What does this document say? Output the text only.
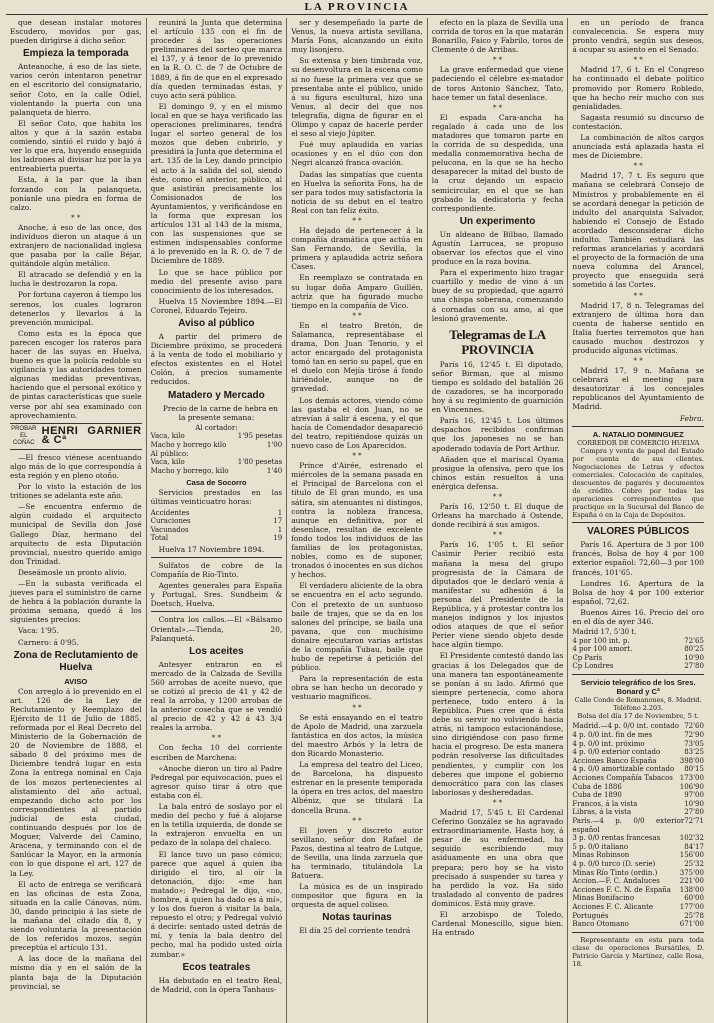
LA PROVINCIA

que desean instalar motores Escudero, movidos por gas, pueden dirigirse á dicho señor.

Empieza la temporada

Anteanoche, á eso de las siete, varios cerón intentaron penetrar en el escritorio del consignatario, señor Coto, en la calle Odiel, violentando la puerta con una palanqueta de hierro.

El señor Coto, que habita los altos y que á la sazón estaba comiendo, sintió el ruido y bajó á ver lo que era, huyendo enseguida los ladrones al divisar luz por la ya entreabierta puerta.

Esta, á la par que la iban forzando con la palanqueta, poníanle una piedra en forma de calzo.

* *

Anoche, á eso de las once, dos individuos dieron un ataque á un extranjero de nacionalidad inglesa que pasaba por la calle Béjar, quitándole algún metálico.

El atracado se defendió y en la lucha le destrozaron la ropa.

Por fortuna cayeron á tiempo los serenos, los cuales lograron detenerlos y llevarlos á la prevención municipal.

Como esta es la época que parecen escoger los rateros para hacer de las suyas en Huelva, bueno es que la policía redoble su vigilancia y las autoridades tomen algunas medidas preventivas, haciendo que el personal exótico y de pintas características que suele verse por ahí sea examinado con aprovechamiento.

PROBAR EL COÑAC
HENRI GARNIER & Cª

—El fresco viénese acentuando algo más de lo que correspondía á esta región y en pleno otoño.

Por lo visto la estación de los tritiones se adelanta este año.

—Se encuentra enfermo de algún cuidado el arquitecto municipal de Sevilla don José Gallego Díaz, hermano del arquitecto de esta Diputación provincial, nuestro querido amigo don Trinidad.

Deseámosle un pronto alivio.

—En la subasta verificada el jueves para el suministro de carne de hebra á la población durante la próxima semana, quedó á los siguientes precios:

Vaca: 1'95.

Carnero: á 0'95.

Zona de Reclutamiento de Huelva
AVISO

Con arreglo á lo prevenido en el art. 126 de la Ley de Reclutamiento y Reemplazo del Ejército de 11 de Julio de 1885, reformada por el Real Decreto del Ministerio de la Gobernación de 20 de Noviembre de 1888, el sábado 8 del próximo mes de Diciembre tendrá lugar en esta Zona la entrega nominal en Caja de los mozos pertenecientes al alistamiento del año actual, empezando dicho acto por los correspondientes al partido judicial de esta ciudad, continuando después por los de Moguer, Valverde del Camino, Aracena, y terminando con el de Sanlúcar la Mayor, en la armonía con lo que dispone el art. 127 de la Ley.

El acto de entrega se verificará en las oficinas de esta Zona, situada en la calle Cánovas, núm. 30, dando principio á las siete de la mañana del citado día 8, y siendo voluntaria la presentación de los referidos mozos, según preceptúa el artículo 131.

A las doce de la mañana del mismo día y en el salón de la planta baja de la Diputación provincial, se

reunirá la Junta que determina el artículo 135 con el fin de proceder á las operaciones preliminares del sorteo que marca el 137, y á tenor de lo prevenido en la R. O. C. de 7 de Octubre de 1889, á fin de que en el expresado día queden terminadas éstas, y cuyo acto será público.

El domingo 9, y en el mismo local en que se haya verificado las operaciones preliminares, tendrá lugar el sorteo general de los mozos que deben cubrirlo, y presidirá la Junta que determina el art. 135 de la Ley, dando principio el acto á la salida del sol, siendo éste, como el anterior, público, al que asistirán precisamente los Comisionados de los Ayuntamientos, y verificándose en la forma que expresan los artículos 131 al 143 de la misma, con las suspensiones que se estimen indispensables conforme á lo prevenido en la R. O. de 7 de Diciembre de 1889.

Lo que se hace público por medio del presente aviso para conocimiento de los interesados.

Huelva 15 Noviembre 1894.—El Coronel, Eduardo Tejeiro.

Aviso al público

A partir del primero de Diciembre próximo, se procederá á la venta de todo el mobiliario y efectos existentes en el Hotel Colón, á precios sumamente reducidos.

Matadero y Mercado

Precio de la carne de hebra en la presente semana:

Al cortador:
Vaca, kilo	1'95 pesetas
Macho y borrego kilo	1'00
Al público:
Vaca, kilo	1'80 pesetas
Macho y borrego, kilo	1'40
Casa de Socorro

Servicios prestados en las últimas veinticuatro horas:

Accidentes	1
Curaciones	17
Vacunados	1
Total	19

Huelva 17 Noviembre 1894.

Sulfatos de cobre de la Compañía de Río-Tinto.

Agentes generales para España y Portugal, Sres. Sundheim & Doetsch, Huelva.

Contra los callos.—El «Bálsamo Oriental».—Tienda, 20, Palanquetá.

Los aceites

Antesyer entraron en el mercado de la Calzada de Sevilla 560 arrobas de aceite nuevo, que se cotizó al precio de 41 y 42 de real la arroba, y 1200 arrobas de la anterior cosecha que se vendió al precio de 42 y 42 á 43 3/4 reales la arroba.

* *

Con fecha 10 del corriente escriben de Marchena:

«Anoche dieron un tiro al Padre Pedregal por equivocación, pues el agresor quiso tirar á otro que estaba con él.

La bala entró de soslayo por el medio del pecho y fué á alojarse en la tetilla izquierda, de donde se la extrajeron envuelta en un pedazo de la solapa del chaleco.

El lance tuvo un paso cómico; parece que aquel á quien iba dirigido el tiro, al oír la detonación, dijo: «me han matado»; Pedregal le dijo, «no, hombre, á quien ha dado es á mí», y los dos fueron á visitar la bala, repuesto el otro; y Pedregal volvió á decirle: sentado usted detrás de mí, y tenía la bala dentro del pecho, mal ha podido usted oírla zumbar.»

Ecos teatrales

Ha debutado en el teatro Real, de Madrid, con la ópera Tanhaus-

ser y desempeñado la parte de Venus, la nueva artista sevillana, María Fons, alcanzando un éxito muy lisonjero.

Su extensa y bien timbrada voz, su desenvoltura en la escena como si no fuese la primera vez que se presentaba ante el público, unido á su figura escultural, hizo una Venus, al decir del que nos telegrafía, digna de figurar en el Olimpo y capaz de hacerle perder el seso al viejo Júpiter.

Fué muy aplaudida en varias ocasiones y en el dúo con don Negri alcanzó franca ovación.

Dadas las simpatías que cuenta en Huelva la señorita Fons, ha de ser para todos muy satisfactoria la noticia de su debut en el teatro Real con tan feliz éxito.

* *

Ha dejado de pertenecer á la compañía dramática que actúa en San Fernando, de Sevilla, la primera y aplaudida actriz señora Cases.

En reemplazo se contratada en su lugar doña Amparo Guillén, actriz que ha figurado mucho tiempo en la compañía de Vico.

* *

En el teatro Bretón, de Salamanca, representábase el drama, Don Juan Tenorio, y el actor encargado del protagonista tomó tan en serio su papel, que en el duelo con Mejía tiróse á fondo hiriéndole, aunque no de gravedad.

Los demás actores, viendo cómo las gastaba el don Juan, no se atrevían á salir á escena, y el que hacía de Comendador desapareció del teatro, repitiéndose quizás un nuevo caso de Los Aparecidos.

* *

Prince d'Airée, estrenado el miércoles de la semana pasada en el Principal de Barcelona con el título de El gran mundo, es una sátira, sin atenuantes ni distingos, contra la nobleza francesa, aunque en definitiva, por el desenlace, resultan de excelente fondo todos los individuos de las familias de los protagonistas, nobles, como es de suponer, tronados ó inocentes en sus dichos y hechos.

El verdadero aliciente de la obra se encuentra en el acto segundo. Con el pretexto de un suntuoso baile de trajes, que se da en los salones del príncipe, se baila una pavana, que con muchísimo donaire ejecutaron varias artistas de la compañía Tubau, baile que hubo de repetirse á petición del público.

Para la representación de esta obra se han hecho un decorado y vestuario magníficos.

* *

Se está ensayando en el teatro de Apolo de Madrid, una zarzuela fantástica en dos actos, la música del maestro Arbós y la letra de don Ricardo Monasterio.

La empresa del teatro del Liceo, de Barcelona, ha dispuesto estrenar en la presente temporada la ópera en tres actos, del maestro Albéniz, que se titulará La doncella Bruna.

* *

El joven y discreto autor sevillano, señor don Rafael de Pazos, destina al teatro de Lutque, de Sevilla, una linda zarzuela que ha terminado, titulándola La Batuera.

La música es de un inspirado compositor que figura en la orquesta de aquel coliseo.

Notas taurinas

El día 25 del corriente tendrá

efecto en la plaza de Sevilla una corrida de toros en la que matarán Bonarillo, Faico y Fabrilo, toros de Clemente ó de Arribas.

* *

La grave enfermedad que viene padeciendo el célebre ex-matador de toros Antonio Sánchez, Tato, hace temer un fatal desenlace.

* *

El espada Cara-ancha ha regalado á cada uno de los matadores que tomaron parte en la corrida de su despedida, una medalla conmemorativa hecha de pelucona, en la que se ha hecho desaparecer la mitad del busto de la cruz dejando un espacio semicircular, en el que se han grabado la dedicatoria y fecha correspondiente.

Un experimento

Un aldeano de Bilbao, llamado Agustín Larrucea, se propuso observar los efectos que el vino produce en la raza bovina.

Para el experimento hizo tragar cuartillo y medio de vino á un buey de su propiedad, que agarró una chispa soberana, comenzando á cornadas con su amo, al que lesionó gravemente.

Telegramas de LA PROVINCIA

París 16, 12'45 t. El diputado, señor Birman, que al mismo tiempo es soldado del batallón 26 de cazadores, se ha incorporado hoy á su regimiento de guarnición en Vincennes.

París 16, 12'45 t. Los últimos despachos recibidos confirman que los japoneses no se han apoderado todavía de Port Arthur.

Añaden que el mariscal Oyama prosigue la ofensiva, pero que los chinos están resueltos á una enérgica defensa.

* *

París 16, 12'50 t. El duque de Orleans ha marchado á Ostende, donde recibirá á sus amigos.

* *

París 16, 1'05 t. El señor Casimir Perier recibió esta mañana la mesa del grupo progresista de la Cámara de diputados que le declaró venía á manifestar su adhesión á la persona del Presidente de la República, y á protestar contra los manejos indignos y los injustos odios ataques de que el señor Perier viene siendo objeto desde hace algún tiempo.

El Presidente contestó dando las gracias á los Delegados que de una manera tan espontáneamente se ponían á su lado. Afirmó que siempre pertenecía, como ahora pertenece, todo entero á la República. Pues cree que á ésta debe su servir no volviendo hacia atrás, ni tampoco estacionándose, sino dirigiéndose con paso firme hacia el progreso. De esta manera podrán resolverse las dificultades pendientes, y cumplir con los deberes que impone el gobierno democrático para con las clases laboriosas y desheredadas.

* *

Madrid 17, 5'45 t. El Cardenal Ceferino González se ha agravado extraordinariamente. Hasta hoy, á pesar de su enfermedad, ha seguido escribiendo muy asiduamente en una obra que prepara; pero hoy se ha visto precisado á suspender su tarea y ha perdido la voz. Ha sido trasladado al convento de padres dominicos. Está muy grave.

El arzobispo de Toledo, Cardenal Monescillo, sigue bien. Ha entrado

en un período de franca convalecencia. Se espera muy pronto vendrá, según sus deseos, á ocupar su asiento en el Senado.

* *

Madrid 17, 6 t. En el Congreso ha continuado el debate político promovido por Romero Robledo, que ha hecho reír mucho con sus genialidades.

Sagasta resumió su discurso de contestación.

La combinación de altos cargos anunciada está aplazada hasta el mes de Diciembre.

* *

Madrid 17, 7 t. Es seguro que mañana se celebrará Consejo de Ministros y probablemente en él se acordará denegar la petición de indulto del anarquista Salvador, habiendo el Consejo de Estado acordado desconsiderar dicho indulto. También estudiará las reformas arancelarias y acordará el proyecto de la formación de una nueva columna del Arancel, proyecto que enseguida será sometido á las Cortes.

* *

Madrid 17, 8 n. Telegramas del extranjero de última hora dan cuenta de haberse sentido en Italia fuertes terremotos que han causado muchos destrozos y producido algunas víctimas.

* *

Madrid 17, 9 n. Mañana se celebrará el meeting para desautorizar á los concejales republicanos del Ayuntamiento de Madrid.

Febra.
A. NATALIO DOMINGUEZ
CORREDOR DE COMERCIO HUELVA

Compra y venta de papel del Estado por cuenta de sus clientes. Negociaciones de Letras y efectos comerciales. Colocación de capitales, descuentos de pagarés y documentos de crédito. Cobro por todas las operaciones correspondientes que practique en la Sucursal del Banco de España ó en la Caja de Depósitos.

VALORES PÚBLICOS

París 16. Apertura de 3 por 100 francés, Bolsa de hoy 4 por 100 exterior español: 72,60—3 por 100 francés, 101'65.

Londres 16. Apertura de la Bolsa de hoy 4 por 100 exterior español, 72,62.

Buenos Aires 16. Precio del oro en el día de ayer 346.

Madrid 17, 5'30 t.
4 por 100 int. p.	72'65
4 por 100 amort.	80'25
Cp París	10'90
Cp Londres	27'80
Servicio telegráfico de los Sres. Bonard y Cª
Calle Conde de Romanones, 8. Madrid. Teléfono 2.203.
Bolsa del día 17 de Noviembre, 5 t.
Madrid.—4 p. 0/0 int. contado 72'60
4 p. 0/0 int. fin de mes	72'90
4 p. 0/0 int. próximo	73'05
4 p. 0/0 exterior contado	83'25
Acciones Banco España	398'00
4 p. 0/0 amortizable contado 80'15
Acciones Compañía Tabacos 173'00
Cuba de 1886	106'90
Cuba de 1890	97'00
Francos, á la vista	10'90
Libras, á la vista	27'80
París.—4 p. 0/0 exterior español
72'71
3 p. 0/0 rentas francesas	102'32
5 p. 0/0 italiano	84'17
Minas Robinson	156'00
4 p. 0/0 turco (D. serie)	25'32
Minas Río Tinto (ordin.)	375'00
Accion.—F. C. Andaluces	221'00
Acciones F. C. N. de España 138'00
Minas Bonifacino	60'00
Acciones F. C. Alicante	177'00
Portugués	25'78
Banco Otomano	671'00

Representante en esta para toda clase de operaciones Bursátiles, D. Patricio García y Martínez, calle Rosa, 18.
